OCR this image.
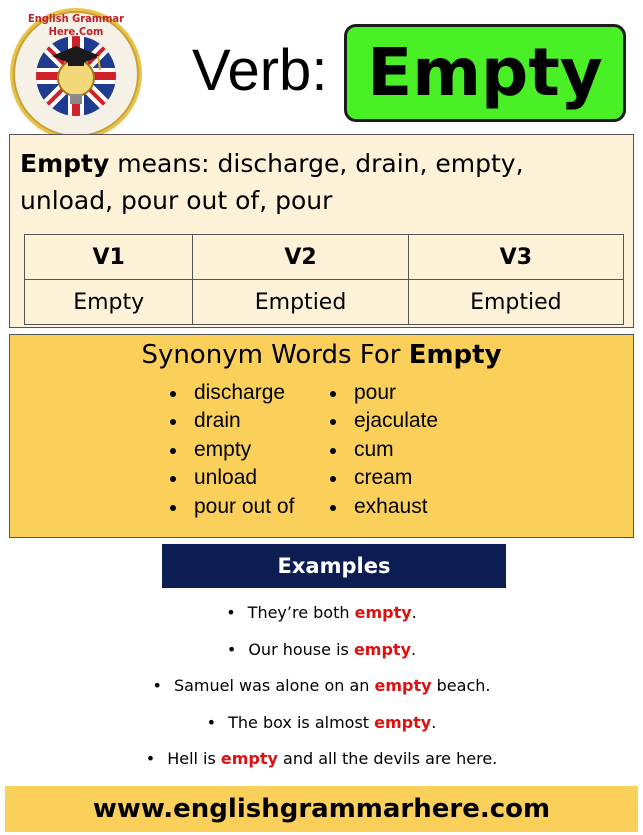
English Grammar Here.Com
Verb: Empty
Empty means: discharge, drain, empty, unload, pour out of, pour
V1	V2	V3
Empty	Emptied	Emptied
Synonym Words For Empty
discharge
drain
empty
unload
pour out of
pour
ejaculate
cum
cream
exhaust
Examples
• They’re both empty.
• Our house is empty.
• Samuel was alone on an empty beach.
• The box is almost empty.
• Hell is empty and all the devils are here.
www.englishgrammarhere.com
